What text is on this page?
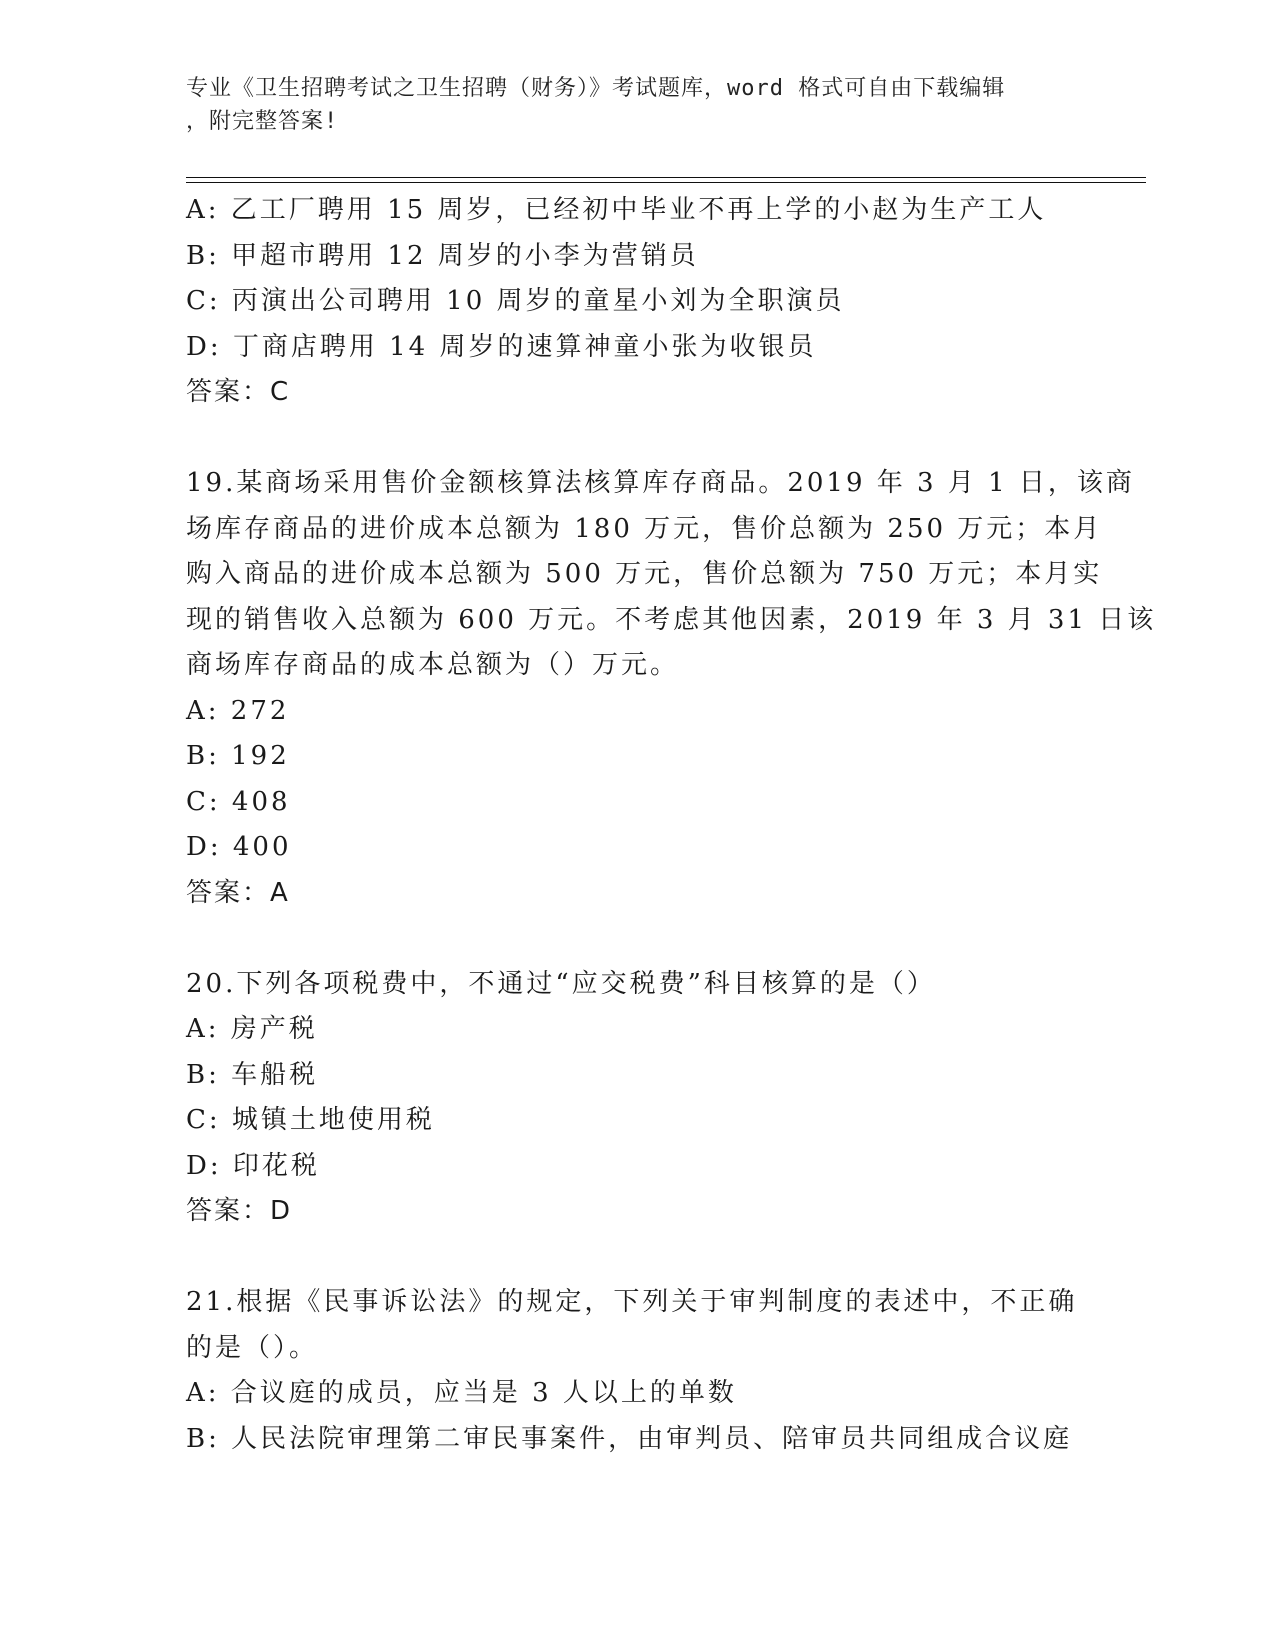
专业《卫生招聘考试之卫生招聘（财务）》考试题库，word 格式可自由下载编辑
，附完整答案!
A: 乙工厂聘用 15 周岁，已经初中毕业不再上学的小赵为生产工人
B: 甲超市聘用 12 周岁的小李为营销员
C: 丙演出公司聘用 10 周岁的童星小刘为全职演员
D: 丁商店聘用 14 周岁的速算神童小张为收银员
答案：C
19.某商场采用售价金额核算法核算库存商品。2019 年 3 月 1 日，该商
场库存商品的进价成本总额为 180 万元，售价总额为 250 万元；本月
购入商品的进价成本总额为 500 万元，售价总额为 750 万元；本月实
现的销售收入总额为 600 万元。不考虑其他因素，2019 年 3 月 31 日该
商场库存商品的成本总额为（）万元。
A: 272
B: 192
C: 408
D: 400
答案：A
20.下列各项税费中，不通过“应交税费”科目核算的是（）
A: 房产税
B: 车船税
C: 城镇土地使用税
D: 印花税
答案：D
21.根据《民事诉讼法》的规定，下列关于审判制度的表述中，不正确
的是（）。
A: 合议庭的成员，应当是 3 人以上的单数
B: 人民法院审理第二审民事案件，由审判员、陪审员共同组成合议庭
